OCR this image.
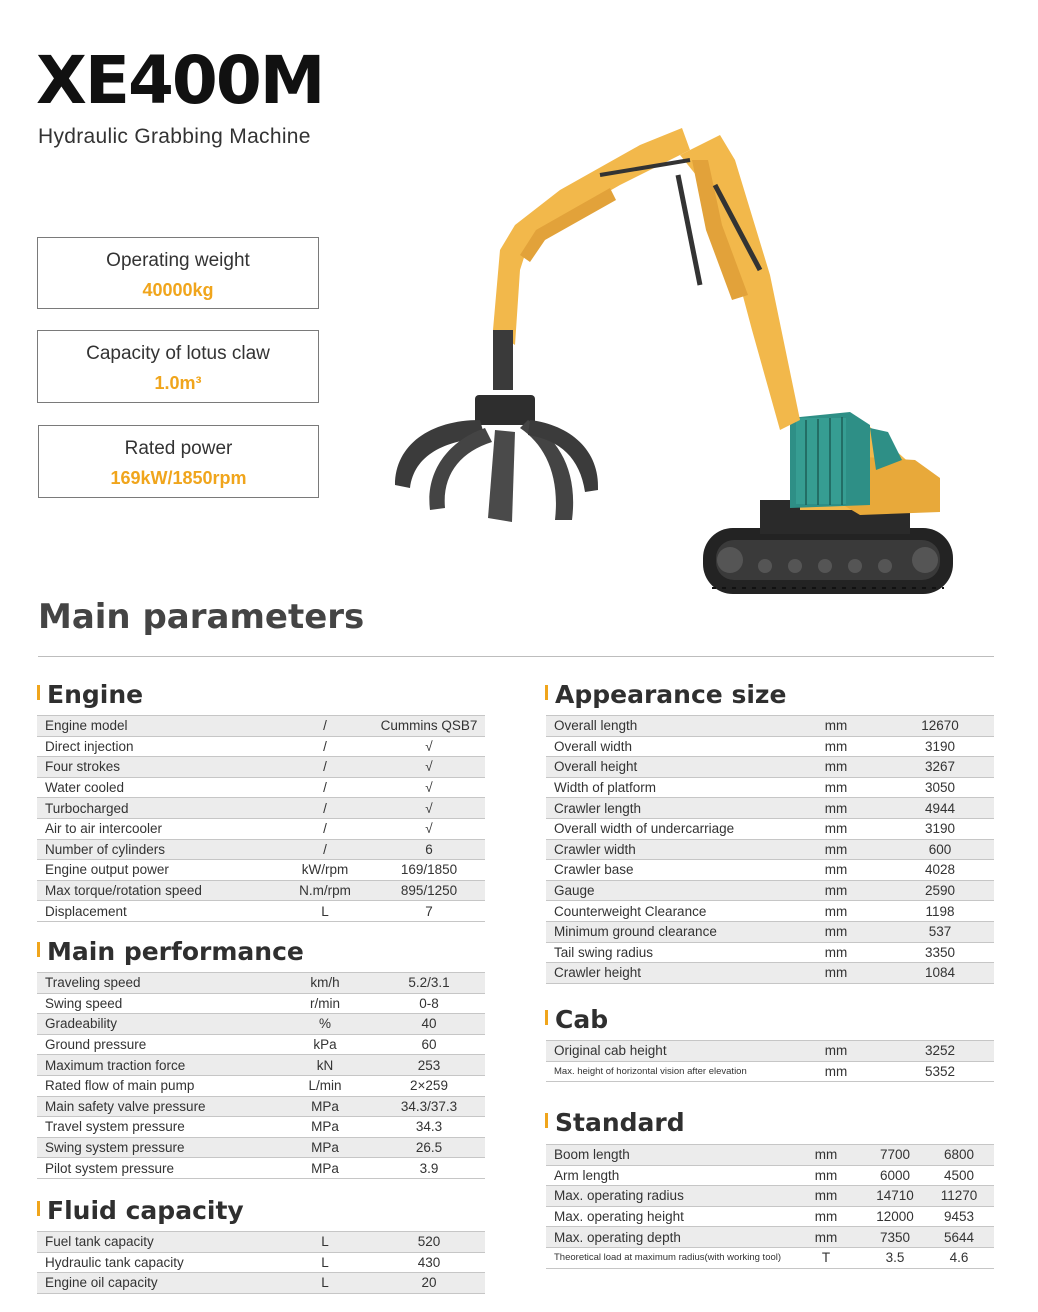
XE400M
Hydraulic Grabbing Machine
Operating weight
40000kg
Capacity of lotus claw
1.0m³
Rated power
169kW/1850rpm
Main parameters
Engine
Engine model	/	Cummins QSB7
Direct injection	/	√
Four strokes	/	√
Water cooled	/	√
Turbocharged	/	√
Air to air intercooler	/	√
Number of cylinders	/	6
Engine output power	kW/rpm	169/1850
Max torque/rotation speed	N.m/rpm	895/1250
Displacement	L	7
Main performance
Traveling speed	km/h	5.2/3.1
Swing speed	r/min	0-8
Gradeability	%	40
Ground pressure	kPa	60
Maximum traction force	kN	253
Rated flow of main pump	L/min	2×259
Main safety valve pressure	MPa	34.3/37.3
Travel system pressure	MPa	34.3
Swing system pressure	MPa	26.5
Pilot system pressure	MPa	3.9
Fluid capacity
Fuel tank capacity	L	520
Hydraulic tank capacity	L	430
Engine oil capacity	L	20
Appearance size
Overall length	mm	12670
Overall width	mm	3190
Overall height	mm	3267
Width of platform	mm	3050
Crawler length	mm	4944
Overall width of undercarriage	mm	3190
Crawler width	mm	600
Crawler base	mm	4028
Gauge	mm	2590
Counterweight Clearance	mm	1198
Minimum ground clearance	mm	537
Tail swing radius	mm	3350
Crawler height	mm	1084
Cab
Original cab height	mm	3252
Max. height of horizontal vision after elevation	mm	5352
Standard
Boom length	mm	7700	6800
Arm length	mm	6000	4500
Max. operating radius	mm	14710	11270
Max. operating height	mm	12000	9453
Max. operating depth	mm	7350	5644
Theoretical load at maximum radius(with working tool)	T	3.5	4.6
